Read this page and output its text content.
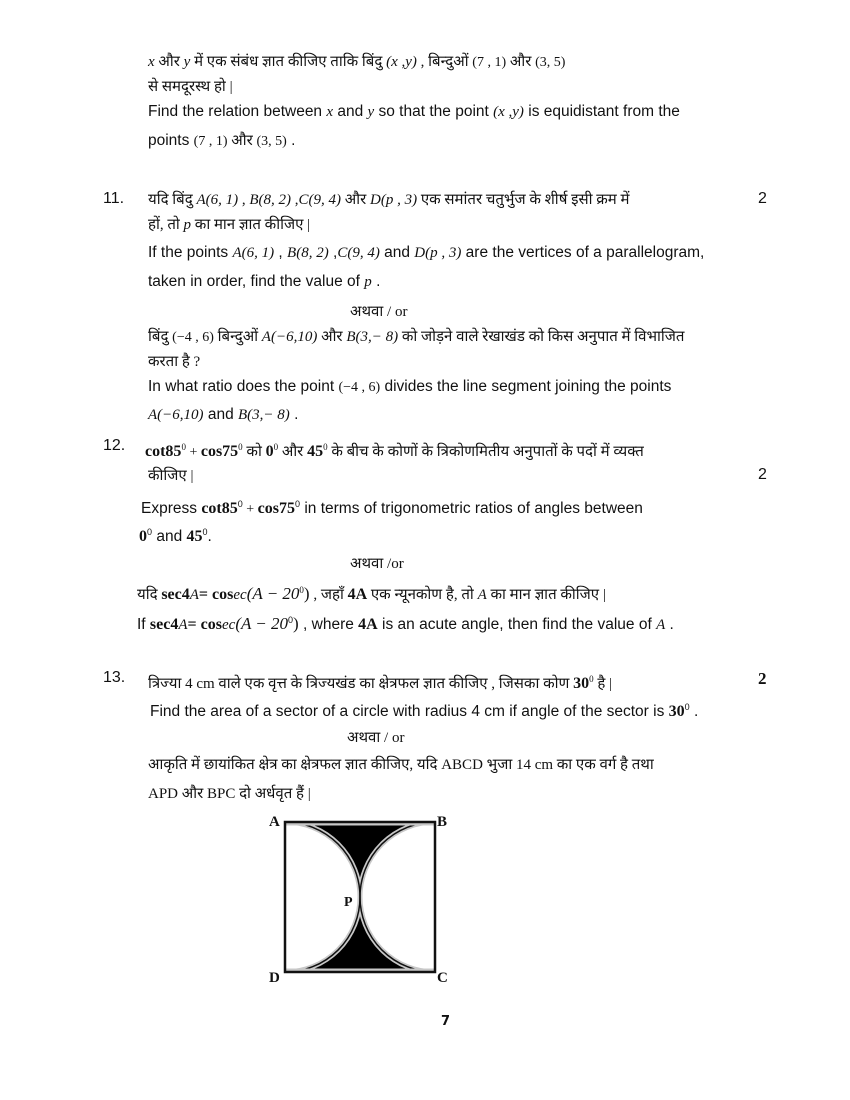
x और y में एक संबंध ज्ञात कीजिए ताकि बिंदु (x ,y) , बिन्दुओं (7 , 1) और (3, 5)
से समदूरस्थ हो |
Find the relation between x and y so that the point (x ,y) is equidistant from the
points (7 , 1) और (3, 5) .
11.	2
यदि बिंदु A(6, 1) , B(8, 2) ,C(9, 4) और D(p , 3) एक समांतर चतुर्भुज के शीर्ष इसी क्रम में
हों, तो p का मान ज्ञात कीजिए |
If the points A(6, 1) , B(8, 2) ,C(9, 4) and D(p , 3) are the vertices of a parallelogram,
taken in order, find the value of p .
अथवा / or
बिंदु (−4 , 6) बिन्दुओं A(−6,10) और B(3,− 8) को जोड़ने वाले रेखाखंड को किस अनुपात में विभाजित
करता है ?
In what ratio does the point (−4 , 6) divides the line segment joining the points
A(−6,10) and B(3,− 8) .
12.
2
$\cot 85^0 + \cos 75^0$ को $0^0$ और $45^0$ के बीच के कोणों के त्रिकोणमितीय अनुपातों के पदों में व्यक्त
कीजिए |
Express $\cot 85^0 + \cos 75^0$ in terms of trigonometric ratios of angles between
$0^0$ and $45^0$.
अथवा /or
यदि $\sec 4A= cosec(A - 20^0)$ , जहाँ 4A एक न्यूनकोण है, तो A का मान ज्ञात कीजिए |
If $\sec 4A= cosec(A - 20^0)$ , where 4A is an acute angle, then find the value of A .
13.	2
त्रिज्या 4 cm वाले एक वृत्त के त्रिज्यखंड का क्षेत्रफल ज्ञात कीजिए , जिसका कोण $30^0$ है |
Find the area of a sector of a circle with radius 4 cm if angle of the sector is $30^0$ .
अथवा / or
आकृति में छायांकित क्षेत्र का क्षेत्रफल ज्ञात कीजिए, यदि ABCD भुजा 14 cm का एक वर्ग है तथा
APD और BPC दो अर्धवृत हैं |
A	B
C
D
P
7
